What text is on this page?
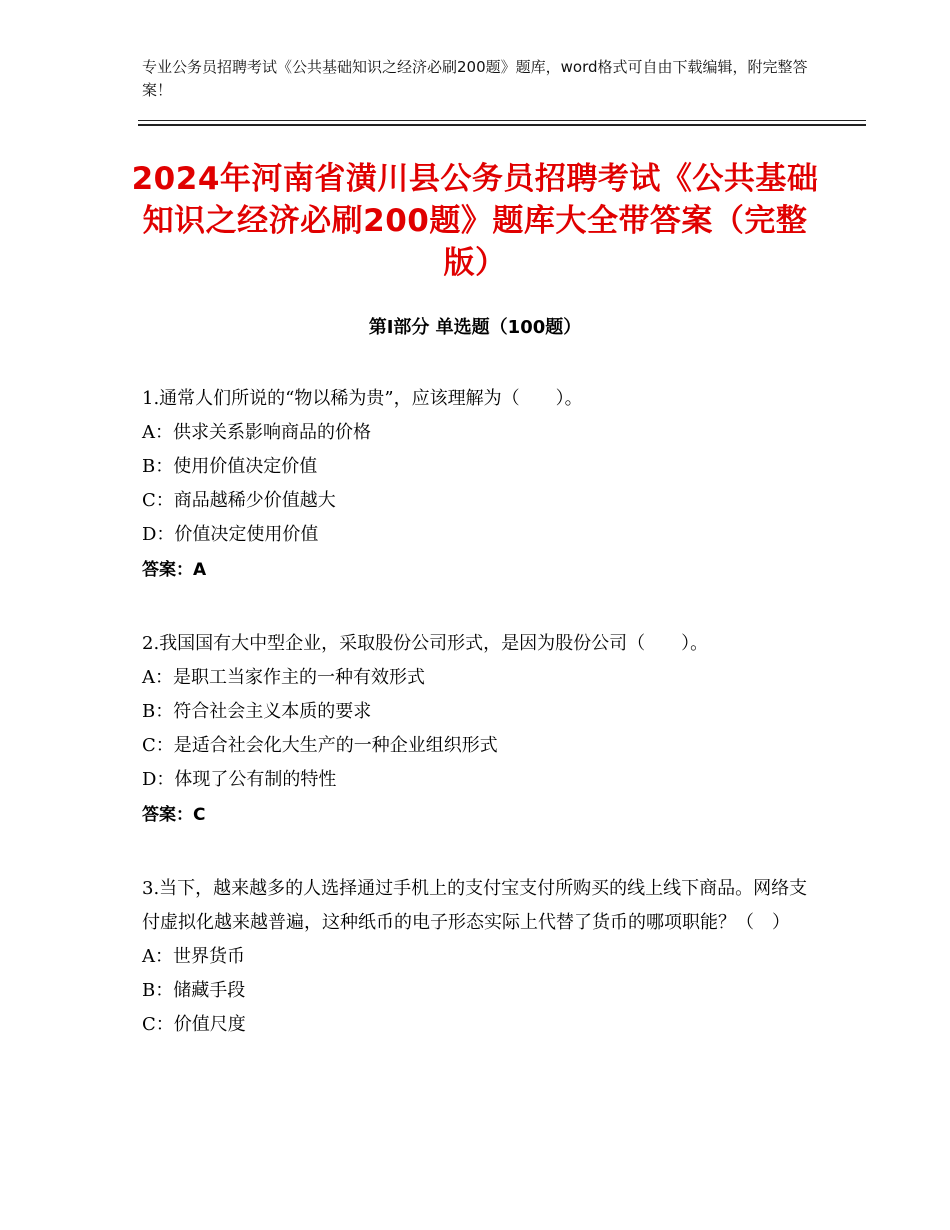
专业公务员招聘考试《公共基础知识之经济必刷200题》题库，word格式可自由下载编辑，附完整答案！
2024年河南省潢川县公务员招聘考试《公共基础知识之经济必刷200题》题库大全带答案（完整版）
第I部分 单选题（100题）
1.通常人们所说的“物以稀为贵”，应该理解为（　　）。
A：供求关系影响商品的价格
B：使用价值决定价值
C：商品越稀少价值越大
D：价值决定使用价值
答案：A
2.我国国有大中型企业，采取股份公司形式，是因为股份公司（　　）。
A：是职工当家作主的一种有效形式
B：符合社会主义本质的要求
C：是适合社会化大生产的一种企业组织形式
D：体现了公有制的特性
答案：C
3.当下，越来越多的人选择通过手机上的支付宝支付所购买的线上线下商品。网络支付虚拟化越来越普遍，这种纸币的电子形态实际上代替了货币的哪项职能？（　）
A：世界货币
B：储藏手段
C：价值尺度
